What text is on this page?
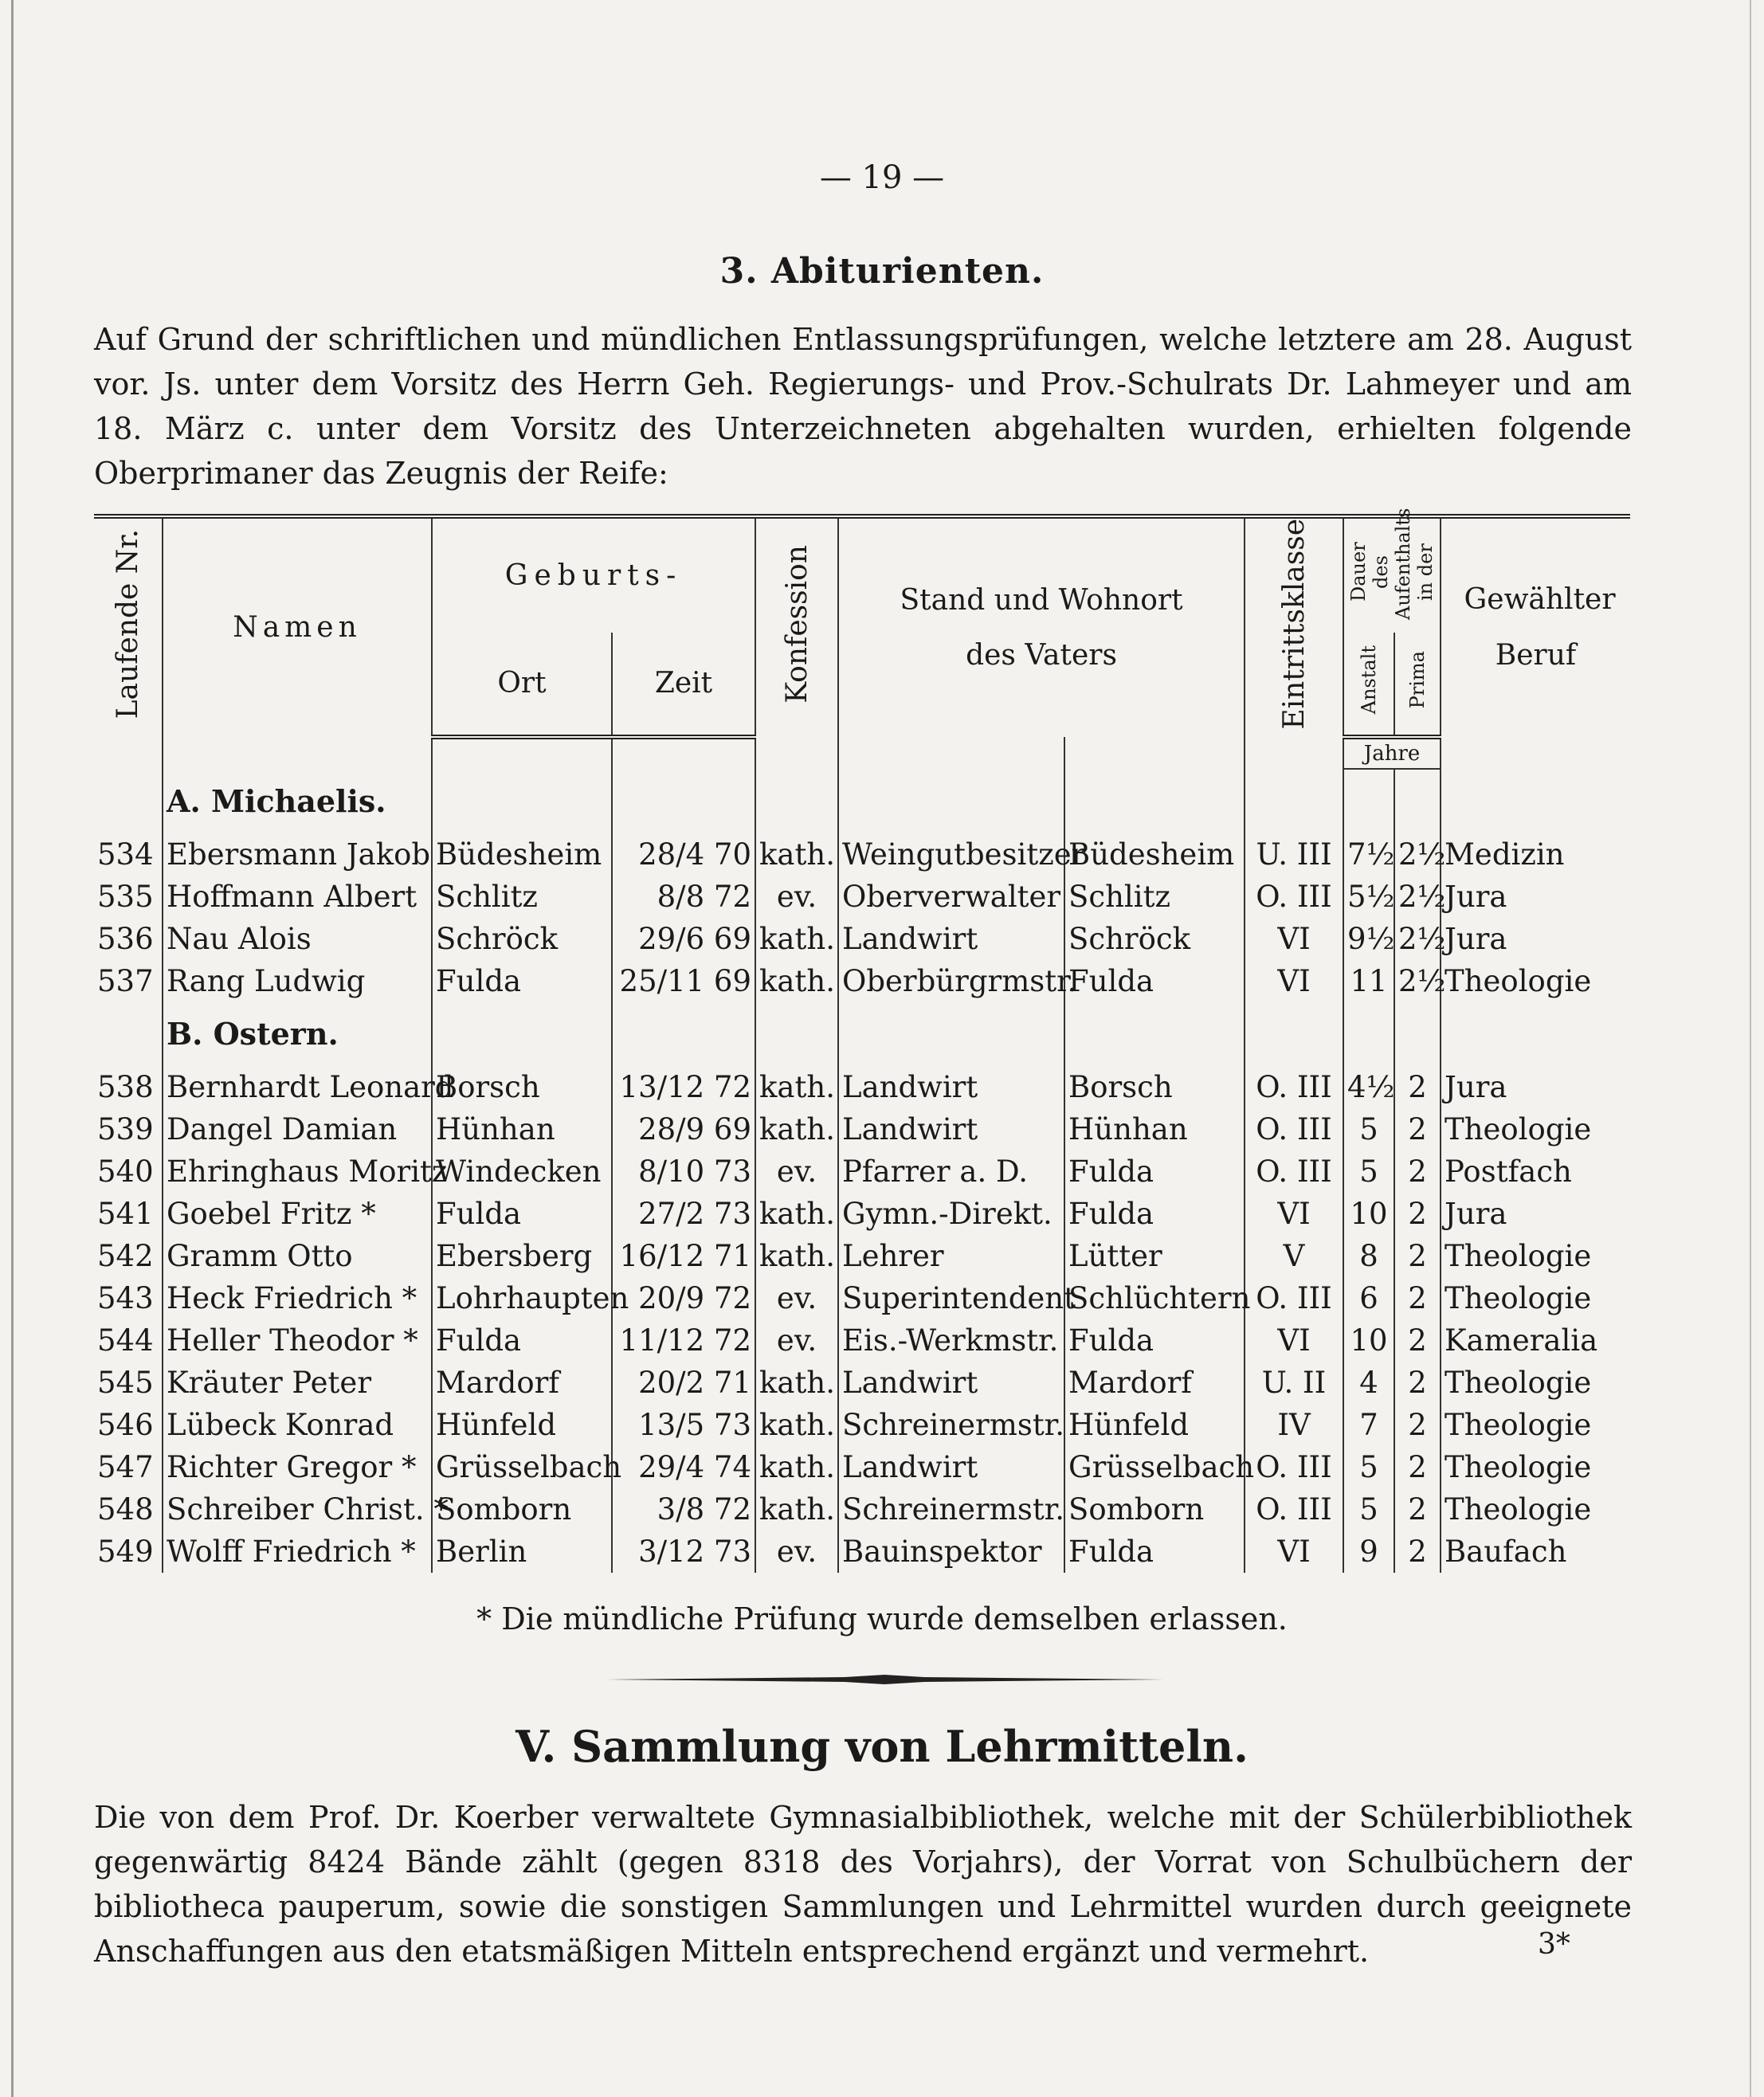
— 19 —
3. Abiturienten.
Auf Grund der schriftlichen und mündlichen Entlassungsprüfungen, welche letztere am 28. August vor. Js. unter dem Vorsitz des Herrn Geh. Regierungs- und Prov.-Schulrats Dr. Lahmeyer und am 18. März c. unter dem Vorsitz des Unterzeichneten abgehalten wurden, erhielten folgende Oberprimaner das Zeugnis der Reife:
Laufende Nr.	Namen	Geburts-		Konfession	Stand und Wohnort
des Vaters		Eintrittsklasse	Dauer des Aufenthalts in der		Gewählter Beruf
		Ort	Zeit					Anstalt	Prima	
								Jahre		
	A. Michaelis.									
534	Ebersmann Jakob	Büdesheim	28/4 70	kath.	Weingutbesitzer	Büdesheim	U. III	7½	2½	Medizin
535	Hoffmann Albert	Schlitz	8/8 72	ev.	Oberverwalter	Schlitz	O. III	5½	2½	Jura
536	Nau Alois	Schröck	29/6 69	kath.	Landwirt	Schröck	VI	9½	2½	Jura
537	Rang Ludwig	Fulda	25/11 69	kath.	Oberbürgrmstr.	Fulda	VI	11	2½	Theologie
	B. Ostern.									
538	Bernhardt Leonard	Borsch	13/12 72	kath.	Landwirt	Borsch	O. III	4½	2	Jura
539	Dangel Damian	Hünhan	28/9 69	kath.	Landwirt	Hünhan	O. III	5	2	Theologie
540	Ehringhaus Moritz	Windecken	8/10 73	ev.	Pfarrer a. D.	Fulda	O. III	5	2	Postfach
541	Goebel Fritz *	Fulda	27/2 73	kath.	Gymn.-Direkt.	Fulda	VI	10	2	Jura
542	Gramm Otto	Ebersberg	16/12 71	kath.	Lehrer	Lütter	V	8	2	Theologie
543	Heck Friedrich *	Lohrhaupten	20/9 72	ev.	Superintendent	Schlüchtern	O. III	6	2	Theologie
544	Heller Theodor *	Fulda	11/12 72	ev.	Eis.-Werkmstr.	Fulda	VI	10	2	Kameralia
545	Kräuter Peter	Mardorf	20/2 71	kath.	Landwirt	Mardorf	U. II	4	2	Theologie
546	Lübeck Konrad	Hünfeld	13/5 73	kath.	Schreinermstr.	Hünfeld	IV	7	2	Theologie
547	Richter Gregor *	Grüsselbach	29/4 74	kath.	Landwirt	Grüsselbach	O. III	5	2	Theologie
548	Schreiber Christ. *	Somborn	3/8 72	kath.	Schreinermstr.	Somborn	O. III	5	2	Theologie
549	Wolff Friedrich *	Berlin	3/12 73	ev.	Bauinspektor	Fulda	VI	9	2	Baufach
* Die mündliche Prüfung wurde demselben erlassen.
V. Sammlung von Lehrmitteln.
Die von dem Prof. Dr. Koerber verwaltete Gymnasialbibliothek, welche mit der Schülerbibliothek gegenwärtig 8424 Bände zählt (gegen 8318 des Vorjahrs), der Vorrat von Schulbüchern der bibliotheca pauperum, sowie die sonstigen Sammlungen und Lehrmittel wurden durch geeignete Anschaffungen aus den etatsmäßigen Mitteln entsprechend ergänzt und vermehrt.	3*
